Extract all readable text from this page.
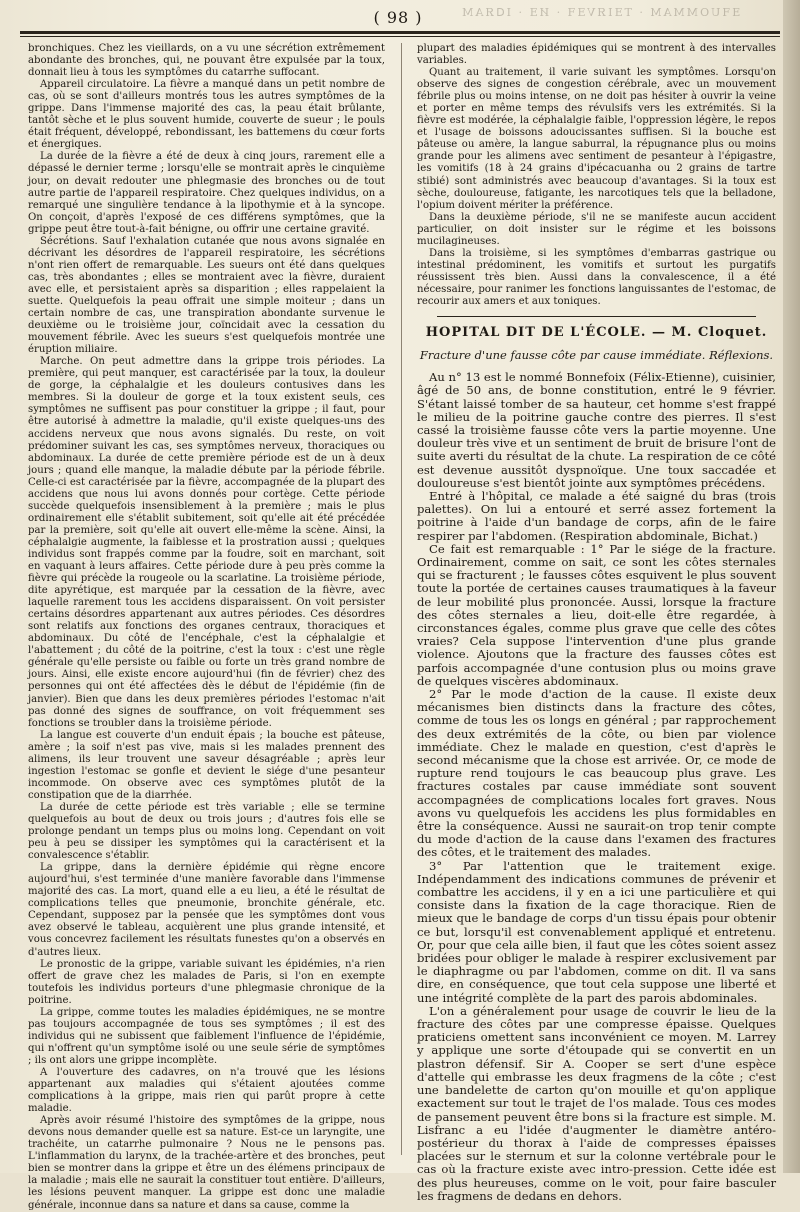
ƎꟻUOMMAM · TƎIЯVƎꟻ · ИƎ · IᗡЯAM
( 98 )

bronchiques. Chez les vieillards, on a vu une sécrétion extrêmement abondante des bronches, qui, ne pouvant être expulsée par la toux, donnait lieu à tous les symptômes du catarrhe suffocant.

Appareil circulatoire. La fièvre a manqué dans un petit nombre de cas, où se sont d'ailleurs montrés tous les autres symptômes de la grippe. Dans l'immense majorité des cas, la peau était brûlante, tantôt sèche et le plus souvent humide, couverte de sueur ; le pouls était fréquent, développé, rebondissant, les battemens du cœur forts et énergiques.

La durée de la fièvre a été de deux à cinq jours, rarement elle a dépassé le dernier terme ; lorsqu'elle se montrait après le cinquième jour, on devait redouter une phlegmasie des bronches ou de tout autre partie de l'appareil respiratoire. Chez quelques individus, on a remarqué une singulière tendance à la lipothymie et à la syncope. On conçoit, d'après l'exposé de ces différens symptômes, que la grippe peut être tout-à-fait bénigne, ou offrir une certaine gravité.

Sécrétions. Sauf l'exhalation cutanée que nous avons signalée en décrivant les désordres de l'appareil respiratoire, les sécrétions n'ont rien offert de remarquable. Les sueurs ont été dans quelques cas, très abondantes ; elles se montraient avec la fièvre, duraient avec elle, et persistaient après sa disparition ; elles rappelaient la suette. Quelquefois la peau offrait une simple moiteur ; dans un certain nombre de cas, une transpiration abondante survenue le deuxième ou le troisième jour, coïncidait avec la cessation du mouvement fébrile. Avec les sueurs s'est quelquefois montrée une éruption miliaire.

Marche. On peut admettre dans la grippe trois périodes. La première, qui peut manquer, est caractérisée par la toux, la douleur de gorge, la céphalalgie et les douleurs contusives dans les membres. Si la douleur de gorge et la toux existent seuls, ces symptômes ne suffisent pas pour constituer la grippe ; il faut, pour être autorisé à admettre la maladie, qu'il existe quelques-uns des accidens nerveux que nous avons signalés. Du reste, on voit prédominer suivant les cas, ses symptômes nerveux, thoraciques ou abdominaux. La durée de cette première période est de un à deux jours ; quand elle manque, la maladie débute par la période fébrile. Celle-ci est caractérisée par la fièvre, accompagnée de la plupart des accidens que nous lui avons donnés pour cortège. Cette période succède quelquefois insensiblement à la première ; mais le plus ordinairement elle s'établit subitement, soit qu'elle ait été précédée par la première, soit qu'elle ait ouvert elle-même la scène. Ainsi, la céphalalgie augmente, la faiblesse et la prostration aussi ; quelques individus sont frappés comme par la foudre, soit en marchant, soit en vaquant à leurs affaires. Cette période dure à peu près comme la fièvre qui précède la rougeole ou la scarlatine. La troisième période, dite apyrétique, est marquée par la cessation de la fièvre, avec laquelle rarement tous les accidens disparaissent. On voit persister certains désordres appartenant aux autres périodes. Ces désordres sont relatifs aux fonctions des organes centraux, thoraciques et abdominaux. Du côté de l'encéphale, c'est la céphalalgie et l'abattement ; du côté de la poitrine, c'est la toux : c'est une règle générale qu'elle persiste ou faible ou forte un très grand nombre de jours. Ainsi, elle existe encore aujourd'hui (fin de février) chez des personnes qui ont été affectées dès le début de l'épidémie (fin de janvier). Bien que dans les deux premières périodes l'estomac n'ait pas donné des signes de souffrance, on voit fréquemment ses fonctions se troubler dans la troisième période.

La langue est couverte d'un enduit épais ; la bouche est pâteuse, amère ; la soif n'est pas vive, mais si les malades prennent des alimens, ils leur trouvent une saveur désagréable ; après leur ingestion l'estomac se gonfle et devient le siége d'une pesanteur incommode. On observe avec ces symptômes plutôt de la constipation que de la diarrhée.

La durée de cette période est très variable ; elle se termine quelquefois au bout de deux ou trois jours ; d'autres fois elle se prolonge pendant un temps plus ou moins long. Cependant on voit peu à peu se dissiper les symptômes qui la caractérisent et la convalescence s'établir.

La grippe, dans la dernière épidémie qui règne encore aujourd'hui, s'est terminée d'une manière favorable dans l'immense majorité des cas. La mort, quand elle a eu lieu, a été le résultat de complications telles que pneumonie, bronchite générale, etc. Cependant, supposez par la pensée que les symptômes dont vous avez observé le tableau, acquièrent une plus grande intensité, et vous concevrez facilement les résultats funestes qu'on a observés en d'autres lieux.

Le pronostic de la grippe, variable suivant les épidémies, n'a rien offert de grave chez les malades de Paris, si l'on en exempte toutefois les individus porteurs d'une phlegmasie chronique de la poitrine.

La grippe, comme toutes les maladies épidémiques, ne se montre pas toujours accompagnée de tous ses symptômes ; il est des individus qui ne subissent que faiblement l'influence de l'épidémie, qui n'offrent qu'un symptôme isolé ou une seule série de symptômes ; ils ont alors une grippe incomplète.

A l'ouverture des cadavres, on n'a trouvé que les lésions appartenant aux maladies qui s'étaient ajoutées comme complications à la grippe, mais rien qui parût propre à cette maladie.

Après avoir résumé l'histoire des symptômes de la grippe, nous devons nous demander quelle est sa nature. Est-ce un laryngite, une trachéite, un catarrhe pulmonaire ? Nous ne le pensons pas. L'inflammation du larynx, de la trachée-artère et des bronches, peut bien se montrer dans la grippe et être un des élémens principaux de la maladie ; mais elle ne saurait la constituer tout entière. D'ailleurs, les lésions peuvent manquer. La grippe est donc une maladie générale, inconnue dans sa nature et dans sa cause, comme la

plupart des maladies épidémiques qui se montrent à des intervalles variables.

Quant au traitement, il varie suivant les symptômes. Lorsqu'on observe des signes de congestion cérébrale, avec un mouvement fébrile plus ou moins intense, on ne doit pas hésiter à ouvrir la veine et porter en même temps des révulsifs vers les extrémités. Si la fièvre est modérée, la céphalalgie faible, l'oppression légère, le repos et l'usage de boissons adoucissantes suffisen. Si la bouche est pâteuse ou amère, la langue saburral, la répugnance plus ou moins grande pour les alimens avec sentiment de pesanteur à l'épigastre, les vomitifs (18 à 24 grains d'ipécacuanha ou 2 grains de tartre stibié) sont administrés avec beaucoup d'avantages. Si la toux est sèche, douloureuse, fatigante, les narcotiques tels que la belladone, l'opium doivent mériter la préférence.

Dans la deuxième période, s'il ne se manifeste aucun accident particulier, on doit insister sur le régime et les boissons mucilagineuses.

Dans la troisième, si les symptômes d'embarras gastrique ou intestinal prédominent, les vomitifs et surtout les purgatifs réussissent très bien. Aussi dans la convalescence, il a été nécessaire, pour ranimer les fonctions languissantes de l'estomac, de recourir aux amers et aux toniques.

HOPITAL DIT DE L'ÉCOLE. — M. Cloquet.
Fracture d'une fausse côte par cause immédiate. Réflexions.

Au n° 13 est le nommé Bonnefoix (Félix-Etienne), cuisinier, âgé de 50 ans, de bonne constitution, entré le 9 février. S'étant laissé tomber de sa hauteur, cet homme s'est frappé le milieu de la poitrine gauche contre des pierres. Il s'est cassé la troisième fausse côte vers la partie moyenne. Une douleur très vive et un sentiment de bruit de brisure l'ont de suite averti du résultat de la chute. La respiration de ce côté est devenue aussitôt dyspnoïque. Une toux saccadée et douloureuse s'est bientôt jointe aux symptômes précédens.

Entré à l'hôpital, ce malade a été saigné du bras (trois palettes). On lui a entouré et serré assez fortement la poitrine à l'aide d'un bandage de corps, afin de le faire respirer par l'abdomen. (Respiration abdominale, Bichat.)

Ce fait est remarquable : 1° Par le siége de la fracture. Ordinairement, comme on sait, ce sont les côtes sternales qui se fracturent ; le fausses côtes esquivent le plus souvent toute la portée de certaines causes traumatiques à la faveur de leur mobilité plus prononcée. Aussi, lorsque la fracture des côtes sternales a lieu, doit-elle être regardée, à circonstances égales, comme plus grave que celle des côtes vraies? Cela suppose l'intervention d'une plus grande violence. Ajoutons que la fracture des fausses côtes est parfois accompagnée d'une contusion plus ou moins grave de quelques viscères abdominaux.

2° Par le mode d'action de la cause. Il existe deux mécanismes bien distincts dans la fracture des côtes, comme de tous les os longs en général ; par rapprochement des deux extrémités de la côte, ou bien par violence immédiate. Chez le malade en question, c'est d'après le second mécanisme que la chose est arrivée. Or, ce mode de rupture rend toujours le cas beaucoup plus grave. Les fractures costales par cause immédiate sont souvent accompagnées de complications locales fort graves. Nous avons vu quelquefois les accidens les plus formidables en être la conséquence. Aussi ne saurait-on trop tenir compte du mode d'action de la cause dans l'examen des fractures des côtes, et le traitement des malades.

3° Par l'attention que le traitement exige. Indépendamment des indications communes de prévenir et combattre les accidens, il y en a ici une particulière et qui consiste dans la fixation de la cage thoracique. Rien de mieux que le bandage de corps d'un tissu épais pour obtenir ce but, lorsqu'il est convenablement appliqué et entretenu. Or, pour que cela aille bien, il faut que les côtes soient assez bridées pour obliger le malade à respirer exclusivement par le diaphragme ou par l'abdomen, comme on dit. Il va sans dire, en conséquence, que tout cela suppose une liberté et une intégrité complète de la part des parois abdominales.

L'on a généralement pour usage de couvrir le lieu de la fracture des côtes par une compresse épaisse. Quelques praticiens omettent sans inconvénient ce moyen. M. Larrey y applique une sorte d'étoupade qui se convertit en un plastron défensif. Sir A. Cooper se sert d'une espèce d'attelle qui embrasse les deux fragmens de la côte ; c'est une bandelette de carton qu'on mouille et qu'on applique exactement sur tout le trajet de l'os malade. Tous ces modes de pansement peuvent être bons si la fracture est simple. M. Lisfranc a eu l'idée d'augmenter le diamètre antéro-postérieur du thorax à l'aide de compresses épaisses placées sur le sternum et sur la colonne vertébrale pour le cas où la fracture existe avec intro-pression. Cette idée est des plus heureuses, comme on le voit, pour faire basculer les fragmens de dedans en dehors.
